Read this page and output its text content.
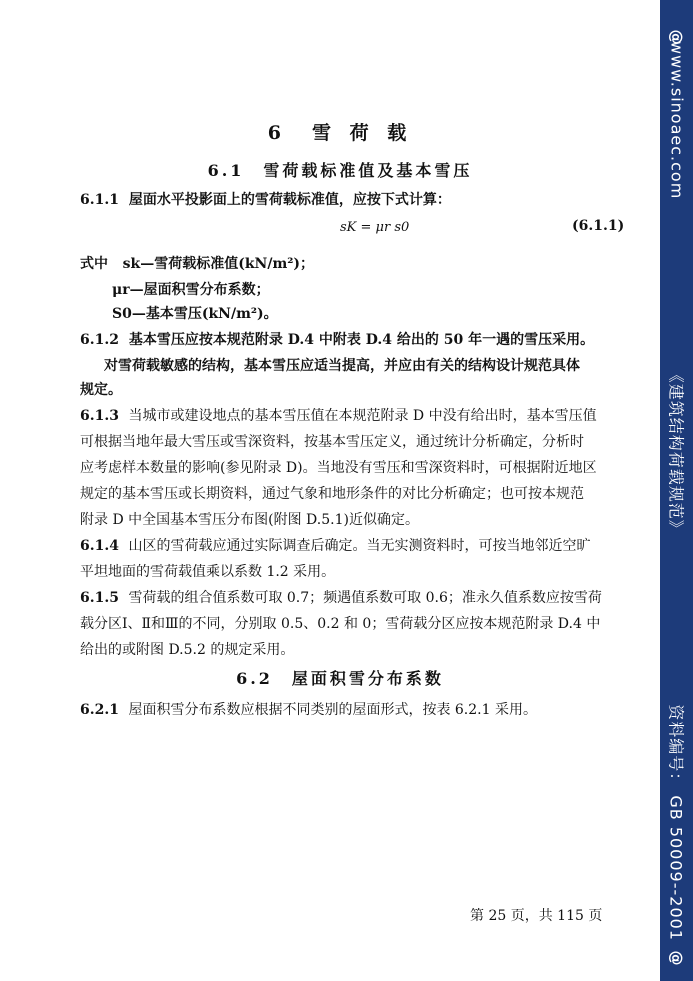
6　雪 荷 载
6.1　雪荷载标准值及基本雪压
6.1.1 屋面水平投影面上的雪荷载标准值，应按下式计算：
sK = μr s0	(6.1.1)
式中 sk—雪荷载标准值(kN/m²)；
μr—屋面积雪分布系数；
S0—基本雪压(kN/m²)。
6.1.2 基本雪压应按本规范附录 D.4 中附表 D.4 给出的 50 年一遇的雪压采用。
对雪荷载敏感的结构，基本雪压应适当提高，并应由有关的结构设计规范具体
规定。
6.1.3 当城市或建设地点的基本雪压值在本规范附录 D 中没有给出时，基本雪压值
可根据当地年最大雪压或雪深资料，按基本雪压定义，通过统计分析确定，分析时
应考虑样本数量的影响(参见附录 D)。当地没有雪压和雪深资料时，可根据附近地区
规定的基本雪压或长期资料，通过气象和地形条件的对比分析确定；也可按本规范
附录 D 中全国基本雪压分布图(附图 D.5.1)近似确定。
6.1.4 山区的雪荷载应通过实际调查后确定。当无实测资料时，可按当地邻近空旷
平坦地面的雪荷载值乘以系数 1.2 采用。
6.1.5 雪荷载的组合值系数可取 0.7；频遇值系数可取 0.6；准永久值系数应按雪荷
载分区Ⅰ、Ⅱ和Ⅲ的不同，分别取 0.5、0.2 和 0；雪荷载分区应按本规范附录 D.4 中
给出的或附图 D.5.2 的规定采用。
6.2　屋面积雪分布系数
6.2.1 屋面积雪分布系数应根据不同类别的屋面形式，按表 6.2.1 采用。
第 25 页，共 115 页
@
www.sinoaec.com
《建筑结构荷载规范》
资料编号： GB 50009--2001
@
